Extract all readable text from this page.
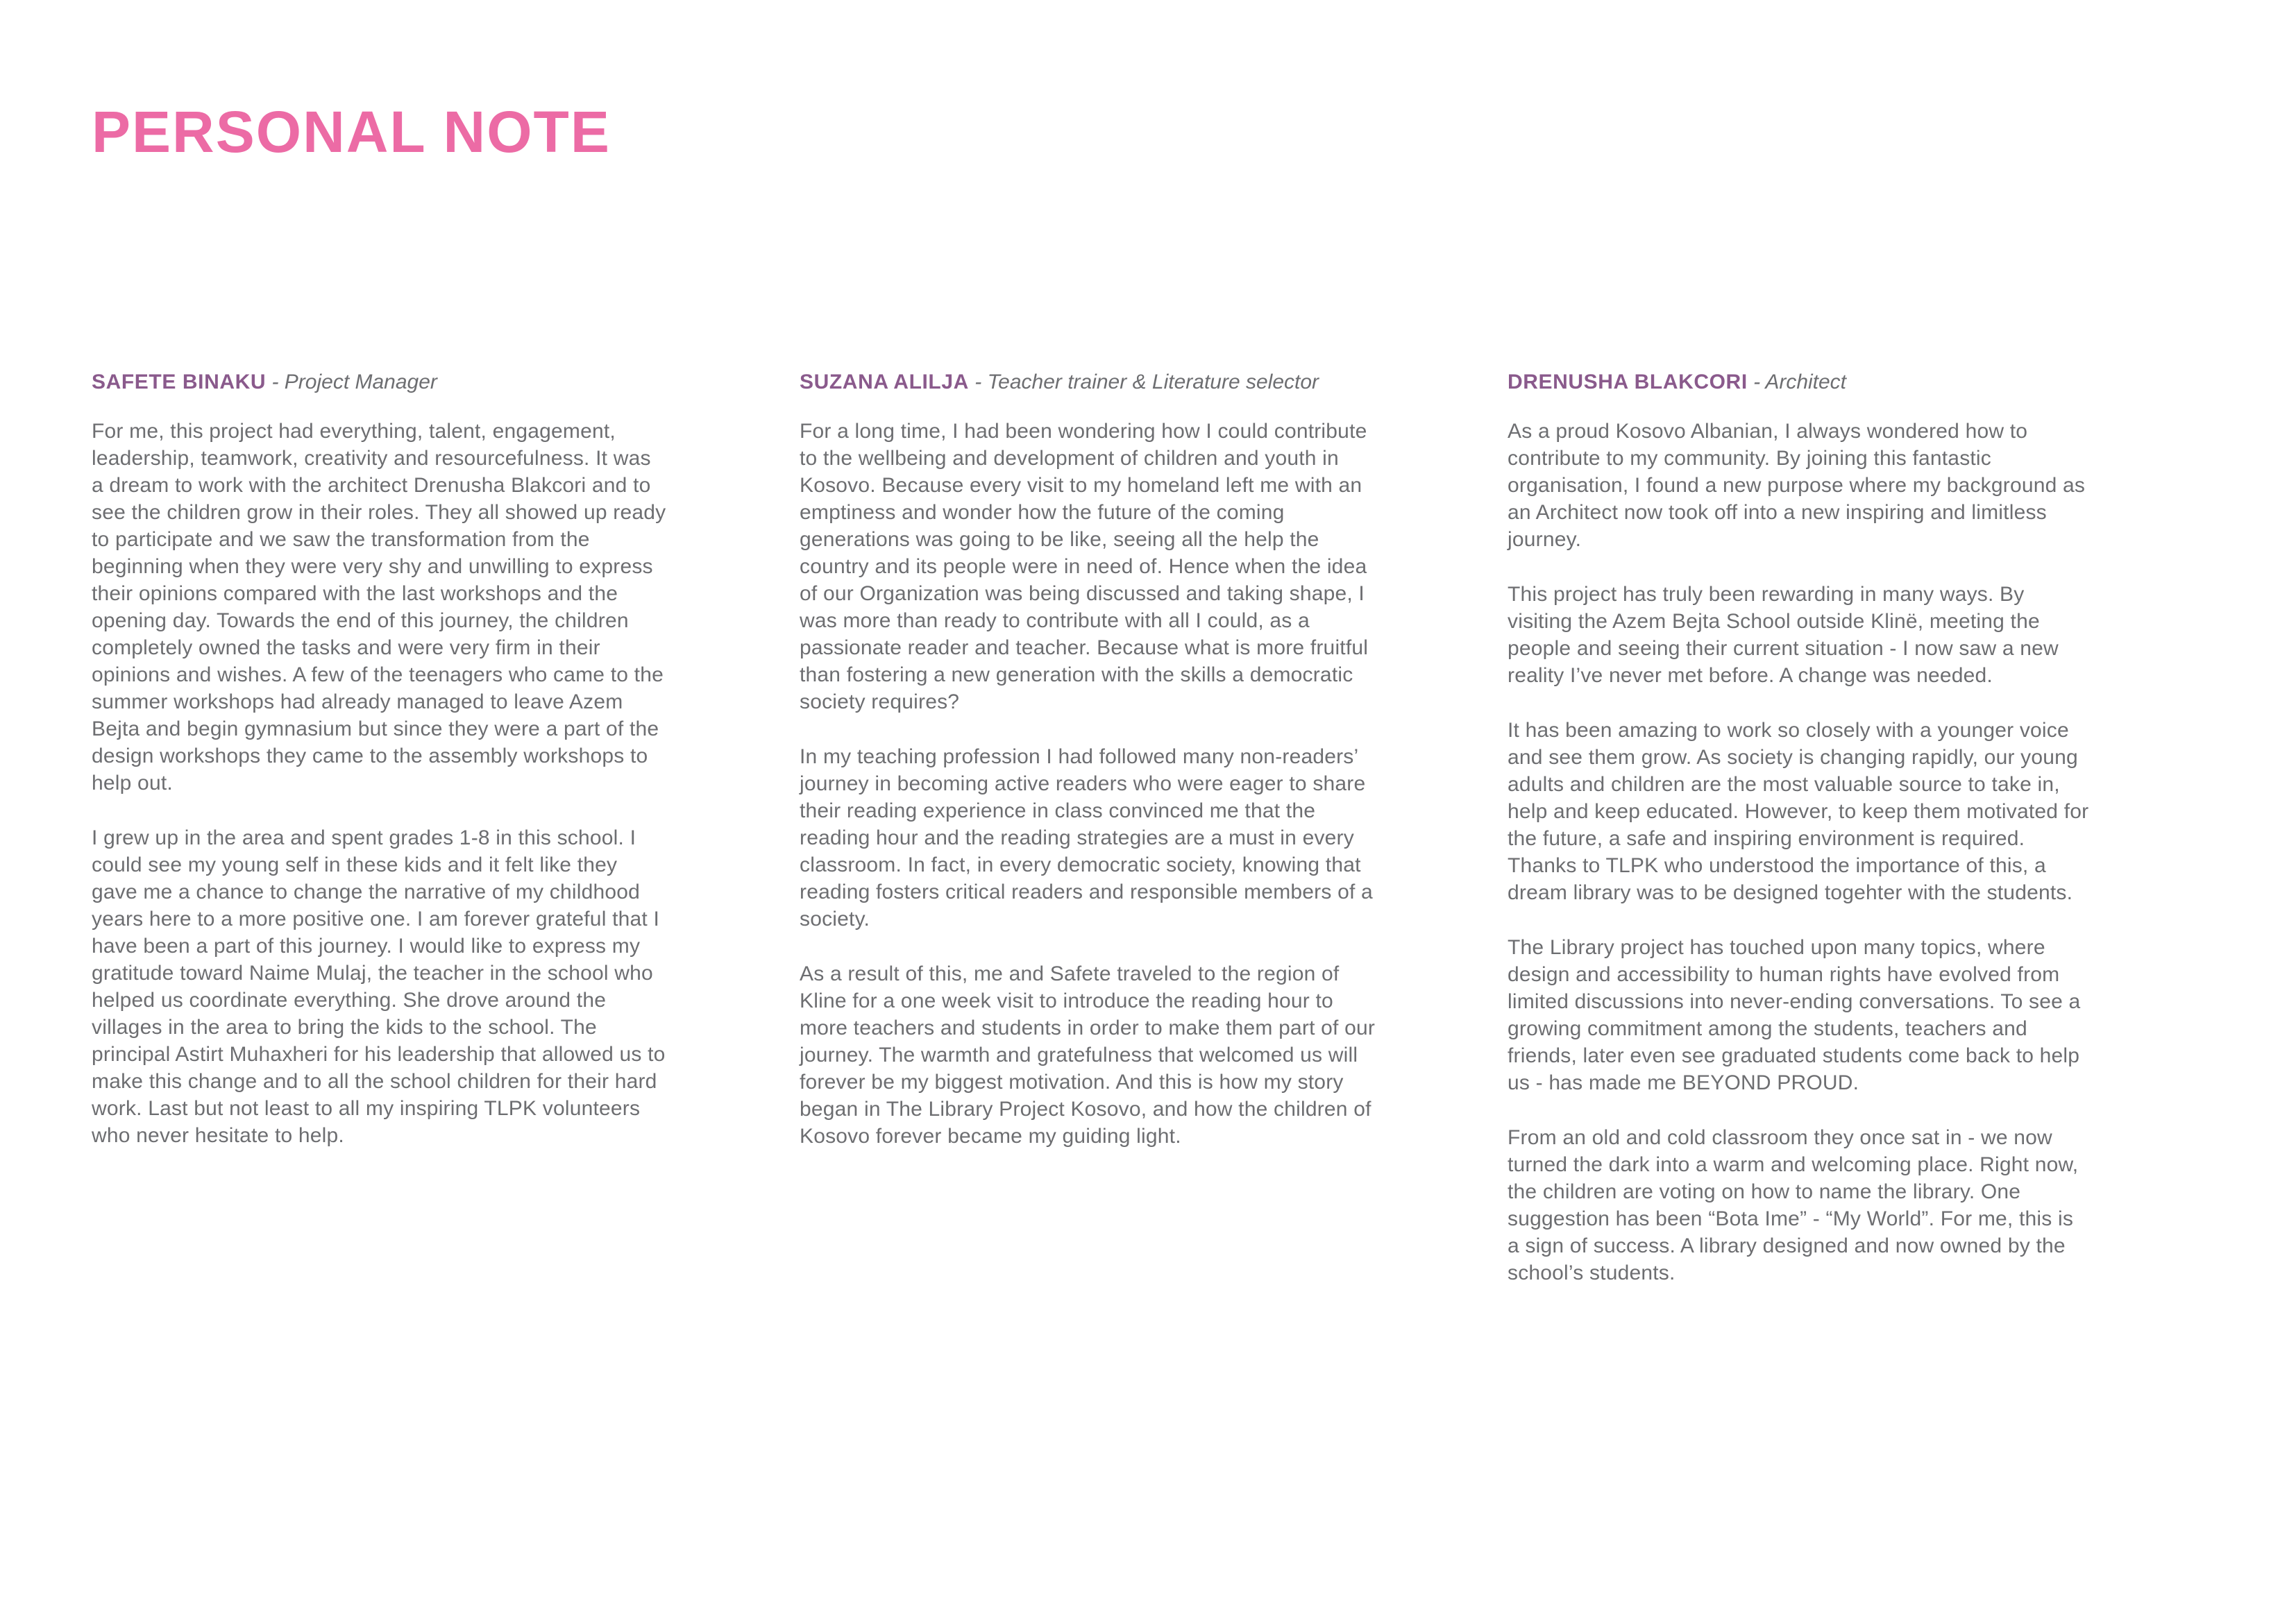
PERSONAL NOTE

SAFETE BINAKU - Project Manager

For me, this project had everything, talent, engagement, leadership, teamwork, creativity and resourcefulness. It was a dream to work with the architect Drenusha Blakcori and to see the children grow in their roles. They all showed up ready to participate and we saw the transformation from the beginning when they were very shy and unwilling to express their opinions compared with the last workshops and the opening day. Towards the end of this journey, the children completely owned the tasks and were very firm in their opinions and wishes. A few of the teenagers who came to the summer workshops had already managed to leave Azem Bejta and begin gymnasium but since they were a part of the design workshops they came to the assembly workshops to help out.

I grew up in the area and spent grades 1-8 in this school. I could see my young self in these kids and it felt like they gave me a chance to change the narrative of my childhood years here to a more positive one. I am forever grateful that I have been a part of this journey. I would like to express my gratitude toward Naime Mulaj, the teacher in the school who helped us coordinate everything. She drove around the villages in the area to bring the kids to the school. The principal Astirt Muhaxheri for his leadership that allowed us to make this change and to all the school children for their hard work. Last but not least to all my inspiring TLPK volunteers who never hesitate to help.

SUZANA ALILJA - Teacher trainer & Literature selector

For a long time, I had been wondering how I could contribute to the wellbeing and development of children and youth in Kosovo. Because every visit to my homeland left me with an emptiness and wonder how the future of the coming generations was going to be like, seeing all the help the country and its people were in need of. Hence when the idea of our Organization was being discussed and taking shape, I was more than ready to contribute with all I could, as a passionate reader and teacher. Because what is more fruitful than fostering a new generation with the skills a democratic society requires?

In my teaching profession I had followed many non-readers’ journey in becoming active readers who were eager to share their reading experience in class convinced me that the reading hour and the reading strategies are a must in every classroom. In fact, in every democratic society, knowing that reading fosters critical readers and responsible members of a society.

As a result of this, me and Safete traveled to the region of Kline for a one week visit to introduce the reading hour to more teachers and students in order to make them part of our journey. The warmth and gratefulness that welcomed us will forever be my biggest motivation. And this is how my story began in The Library Project Kosovo, and how the children of Kosovo forever became my guiding light.

DRENUSHA BLAKCORI - Architect

As a proud Kosovo Albanian, I always wondered how to contribute to my community. By joining this fantastic organisation, I found a new purpose where my background as an Architect now took off into a new inspiring and limitless journey.

This project has truly been rewarding in many ways. By visiting the Azem Bejta School outside Klinë, meeting the people and seeing their current situation - I now saw a new reality I’ve never met before. A change was needed.

It has been amazing to work so closely with a younger voice and see them grow. As society is changing rapidly, our young adults and children are the most valuable source to take in, help and keep educated. However, to keep them motivated for the future, a safe and inspiring environment is required. Thanks to TLPK who understood the importance of this, a dream library was to be designed togehter with the students.

The Library project has touched upon many topics, where design and accessibility to human rights have evolved from limited discussions into never-ending conversations. To see a growing commitment among the students, teachers and friends, later even see graduated students come back to help us - has made me BEYOND PROUD.

From an old and cold classroom they once sat in - we now turned the dark into a warm and welcoming place. Right now, the children are voting on how to name the library. One suggestion has been “Bota Ime” - “My World”. For me, this is a sign of success. A library designed and now owned by the school’s students.
